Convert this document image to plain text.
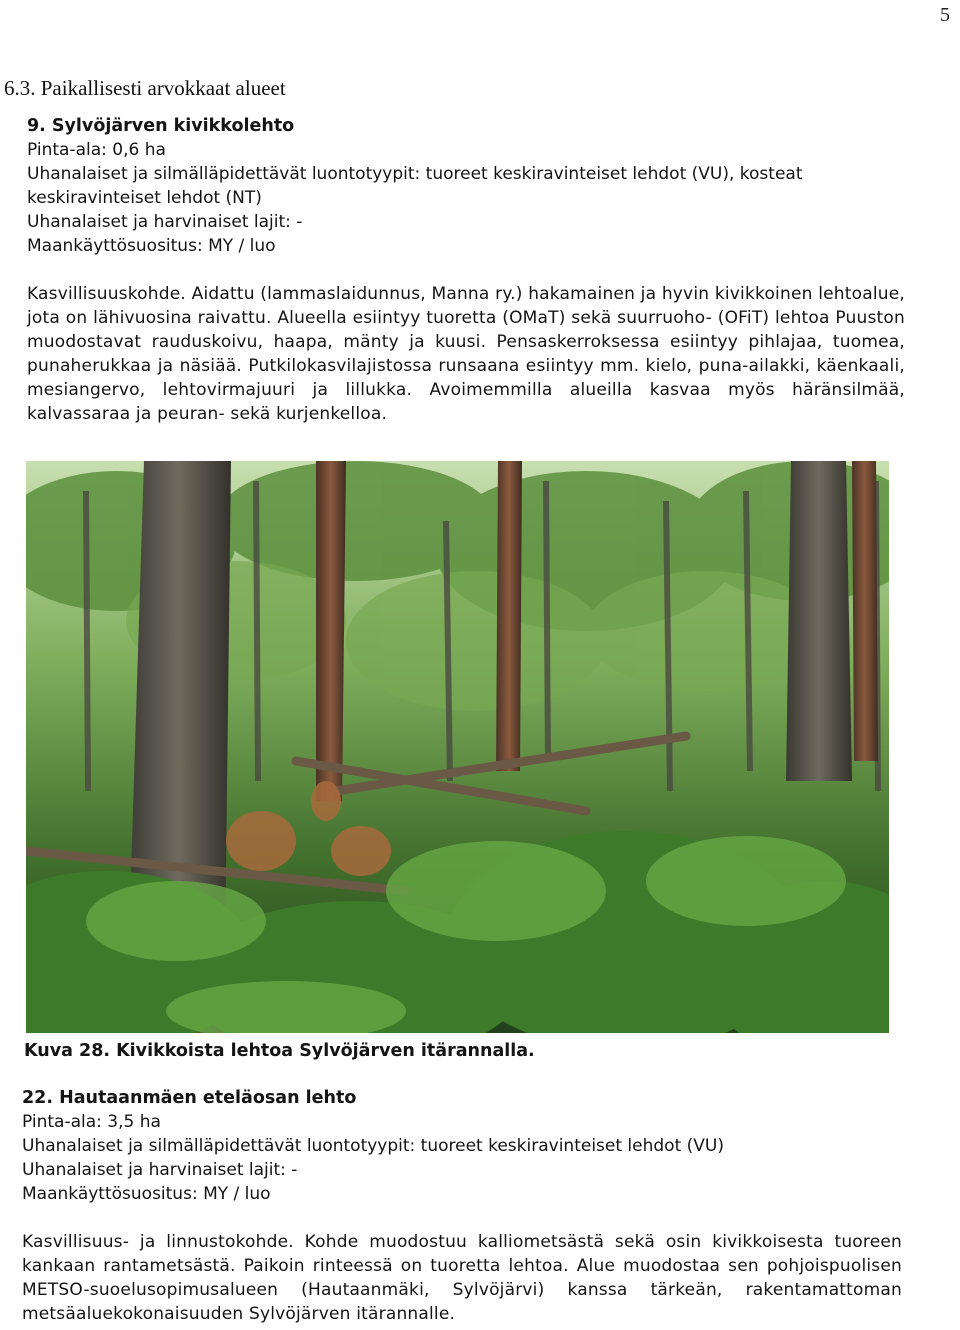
5
6.3. Paikallisesti arvokkaat alueet
9. Sylvöjärven kivikkolehto
Pinta-ala: 0,6 ha
Uhanalaiset ja silmälläpidettävät luontotyypit: tuoreet keskiravinteiset lehdot (VU), kosteat keskiravinteiset lehdot (NT)
Uhanalaiset ja harvinaiset lajit: -
Maankäyttösuositus: MY / luo
Kasvillisuuskohde. Aidattu (lammaslaidunnus, Manna ry.) hakamainen ja hyvin kivikkoinen lehtoalue, jota on lähivuosina raivattu. Alueella esiintyy tuoretta (OMaT) sekä suurruoho- (OFiT) lehtoa Puuston muodostavat rauduskoivu, haapa, mänty ja kuusi. Pensaskerroksessa esiintyy pihlajaa, tuomea, punaherukkaa ja näsiää. Putkilokasvilajistossa runsaana esiintyy mm. kielo, puna-ailakki, käenkaali, mesiangervo, lehtovirmajuuri ja lillukka. Avoimemmilla alueilla kasvaa myös häränsilmää, kalvassaraa ja peuran- sekä kurjenkelloa.
Kuva 28. Kivikkoista lehtoa Sylvöjärven itärannalla.
22. Hautaanmäen eteläosan lehto
Pinta-ala: 3,5 ha
Uhanalaiset ja silmälläpidettävät luontotyypit: tuoreet keskiravinteiset lehdot (VU)
Uhanalaiset ja harvinaiset lajit: -
Maankäyttösuositus: MY / luo
Kasvillisuus- ja linnustokohde. Kohde muodostuu kalliometsästä sekä osin kivikkoisesta tuoreen kankaan rantametsästä. Paikoin rinteessä on tuoretta lehtoa. Alue muodostaa sen pohjoispuolisen METSO-suoelusopimusalueen (Hautaanmäki, Sylvöjärvi) kanssa tärkeän, rakentamattoman metsäaluekokonaisuuden Sylvöjärven itärannalle.
